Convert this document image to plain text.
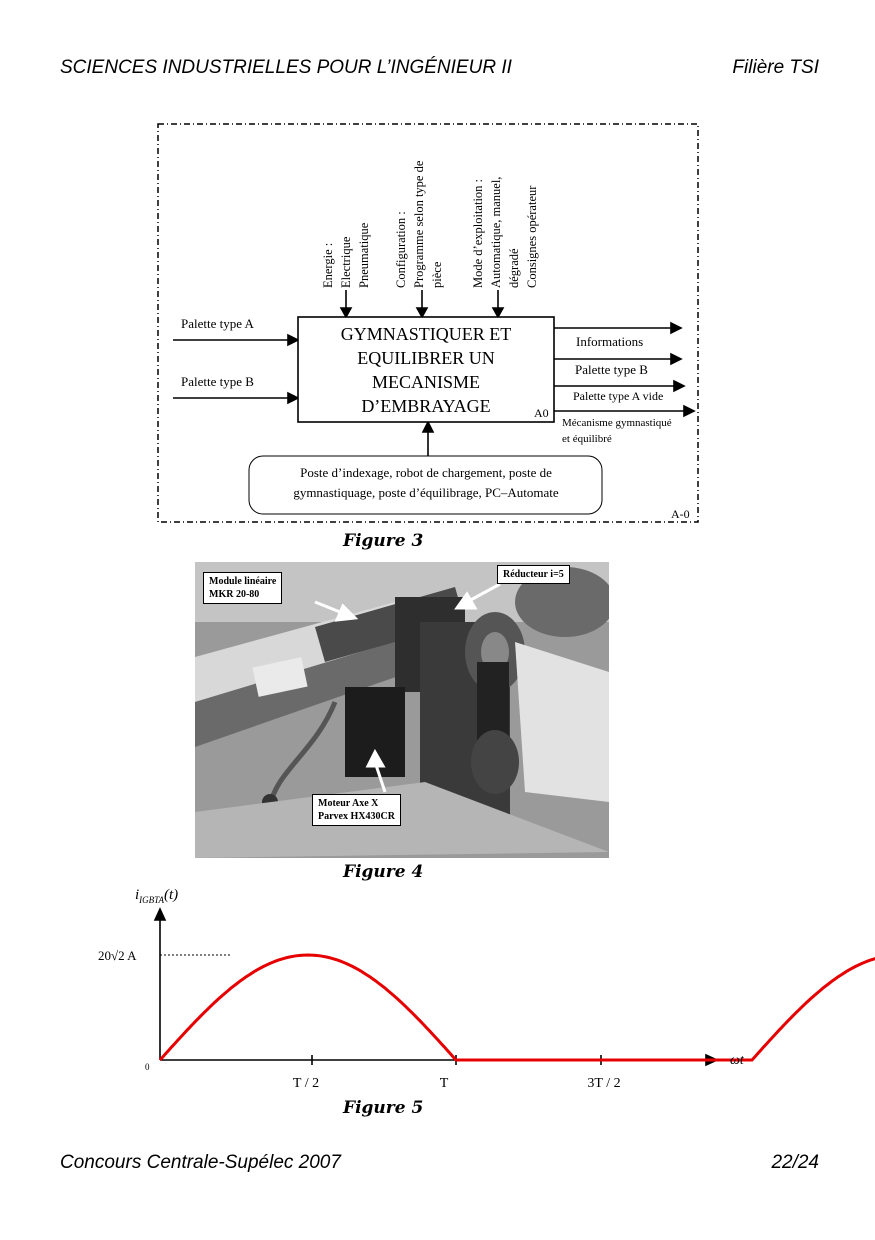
SCIENCES INDUSTRIELLES POUR L’INGÉNIEUR II	Filière TSI
Energie : Electrique Pneumatique Configuration : Programme selon type de pièce Mode d’exploitation : Automatique, manuel, dégradé Consignes opérateur
Palette type A
Palette type B
GYMNASTIQUER ET
EQUILIBRER UN
MECANISME
D’EMBRAYAGE	A0
Informations
Palette type B
Palette type A vide
Mécanisme gymnastiqué
et équilibré
Poste d’indexage, robot de chargement, poste de
gymnastiquage, poste d’équilibrage, PC–Automate
A-0
Figure 3
Module linéaire
MKR 20-80
Réducteur i=5
Moteur Axe X
Parvex HX430CR
Figure 4
$i_{IGBTA}(t)$
20√2 A
0	ωt
T / 2	T	3T / 2
Figure 5
Concours Centrale-Supélec 2007	22/24
